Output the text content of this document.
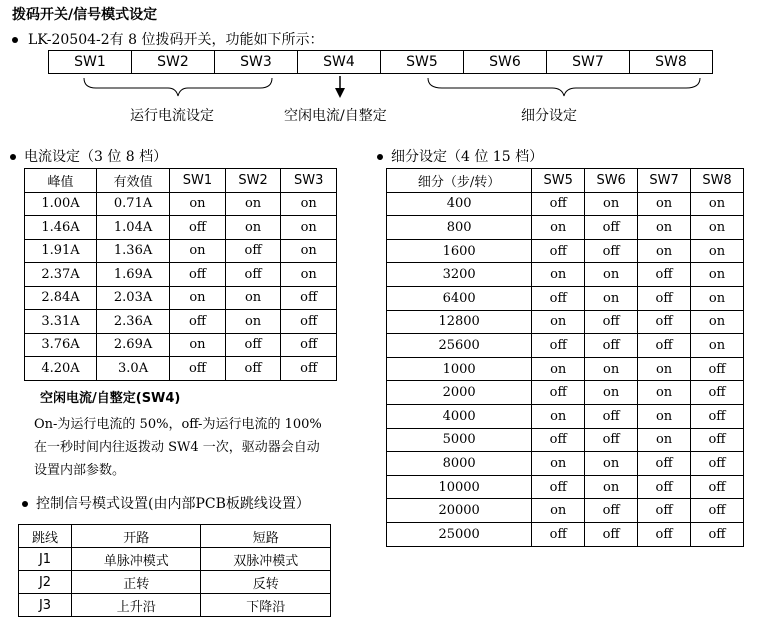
拨码开关/信号模式设定
LK-20504-2有 8 位拨码开关，功能如下所示：
SW1	SW2	SW3	SW4	SW5	SW6	SW7	SW8
运行电流设定	空闲电流/自整定	细分设定
电流设定（3 位 8 档）
峰值	有效值	SW1	SW2	SW3
1.00A	0.71A	on	on	on
1.46A	1.04A	off	on	on
1.91A	1.36A	on	off	on
2.37A	1.69A	off	off	on
2.84A	2.03A	on	on	off
3.31A	2.36A	off	on	off
3.76A	2.69A	on	off	off
4.20A	3.0A	off	off	off
空闲电流/自整定(SW4)
On-为运行电流的 50%，off-为运行电流的 100%
在一秒时间内往返拨动 SW4 一次，驱动器会自动
设置内部参数。
控制信号模式设置(由内部PCB板跳线设置）
跳线	开路	短路
J1	单脉冲模式	双脉冲模式
J2	正转	反转
J3	上升沿	下降沿
细分设定（4 位 15 档）
细分（步/转）	SW5	SW6	SW7	SW8
400	off	on	on	on
800	on	off	on	on
1600	off	off	on	on
3200	on	on	off	on
6400	off	on	off	on
12800	on	off	off	on
25600	off	off	off	on
1000	on	on	on	off
2000	off	on	on	off
4000	on	off	on	off
5000	off	off	on	off
8000	on	on	off	off
10000	off	on	off	off
20000	on	off	off	off
25000	off	off	off	off
